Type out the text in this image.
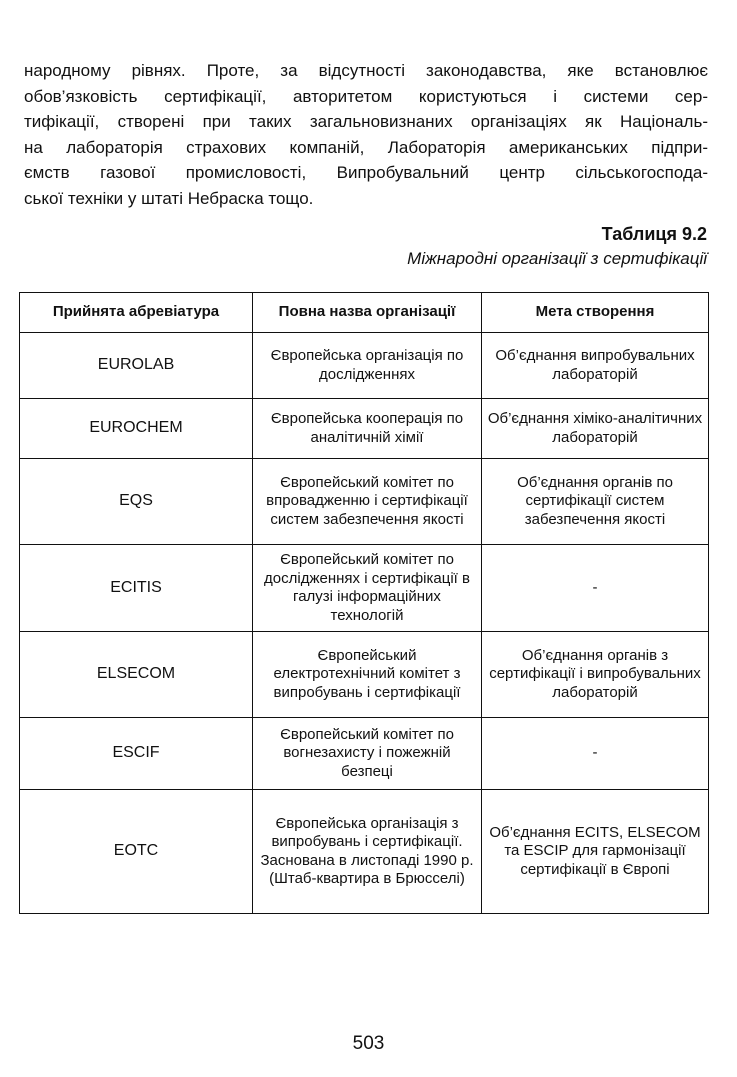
народному рівнях. Проте, за відсутності законодавства, яке встановлює
обов’язковість сертифікації, авторитетом користуються і системи сер-
тифікації, створені при таких загальновизнаних організаціях як Національ-
на лабораторія страхових компаній, Лабораторія американських підпри-
ємств газової промисловості, Випробувальний центр сільськогоспода-
ської техніки у штаті Небраска тощо.
Таблиця 9.2
Міжнародні організації з сертифікації
Прийнята абревіатура	Повна назва організації	Мета створення
EUROLAB	Європейська організація по дослідженнях	Об’єднання випробувальних лабораторій
EUROCHEM	Європейська кооперація по аналітичній хімії	Об’єднання хіміко-аналітичних лабораторій
EQS	Європейський комітет по впровадженню і сертифікації систем забезпечення якості	Об’єднання органів по сертифікації систем забезпечення якості
ECITIS	Європейський комітет по дослідженнях і сертифікації в галузі інформаційних технологій	-
ELSECOM	Європейський електротехнічний комітет з випробувань і сертифікації	Об’єднання органів з сертифікації і випробувальних лабораторій
ESCIF	Європейський комітет по вогнезахисту і пожежній безпеці	-
EOTC	Європейська організація з випробувань і сертифікації. Заснована в листопаді 1990 р. (Штаб-квартира в Брюсселі)	Об’єднання ECITS, ELSECOM та ESCIP для гармонізації сертифікації в Європі
503
